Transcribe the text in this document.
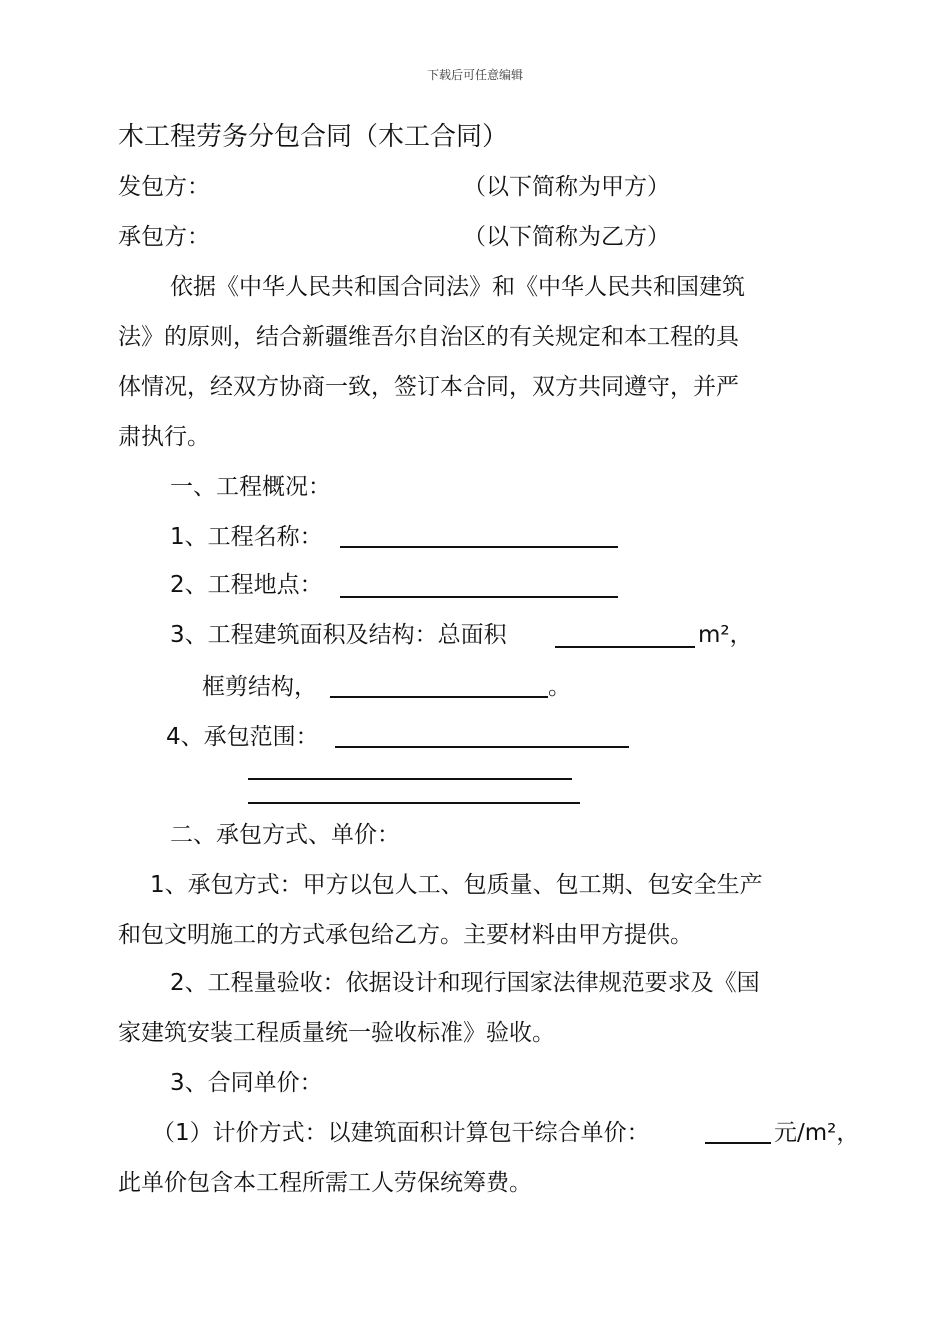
下载后可任意编辑
木工程劳务分包合同（木工合同）
发包方：	（以下简称为甲方）
承包方：	（以下简称为乙方）
依据《中华人民共和国合同法》和《中华人民共和国建筑
法》的原则，结合新疆维吾尔自治区的有关规定和本工程的具
体情况，经双方协商一致，签订本合同，双方共同遵守，并严
肃执行。
一、工程概况：
1、工程名称：
2、工程地点：
3、工程建筑面积及结构：总面积	m²，
框剪结构，	。
4、承包范围：
二、承包方式、单价：
1、承包方式：甲方以包人工、包质量、包工期、包安全生产
和包文明施工的方式承包给乙方。主要材料由甲方提供。
2、工程量验收：依据设计和现行国家法律规范要求及《国
家建筑安装工程质量统一验收标准》验收。
3、合同单价：
（1）计价方式：以建筑面积计算包干综合单价：	元/m²，
此单价包含本工程所需工人劳保统筹费。
